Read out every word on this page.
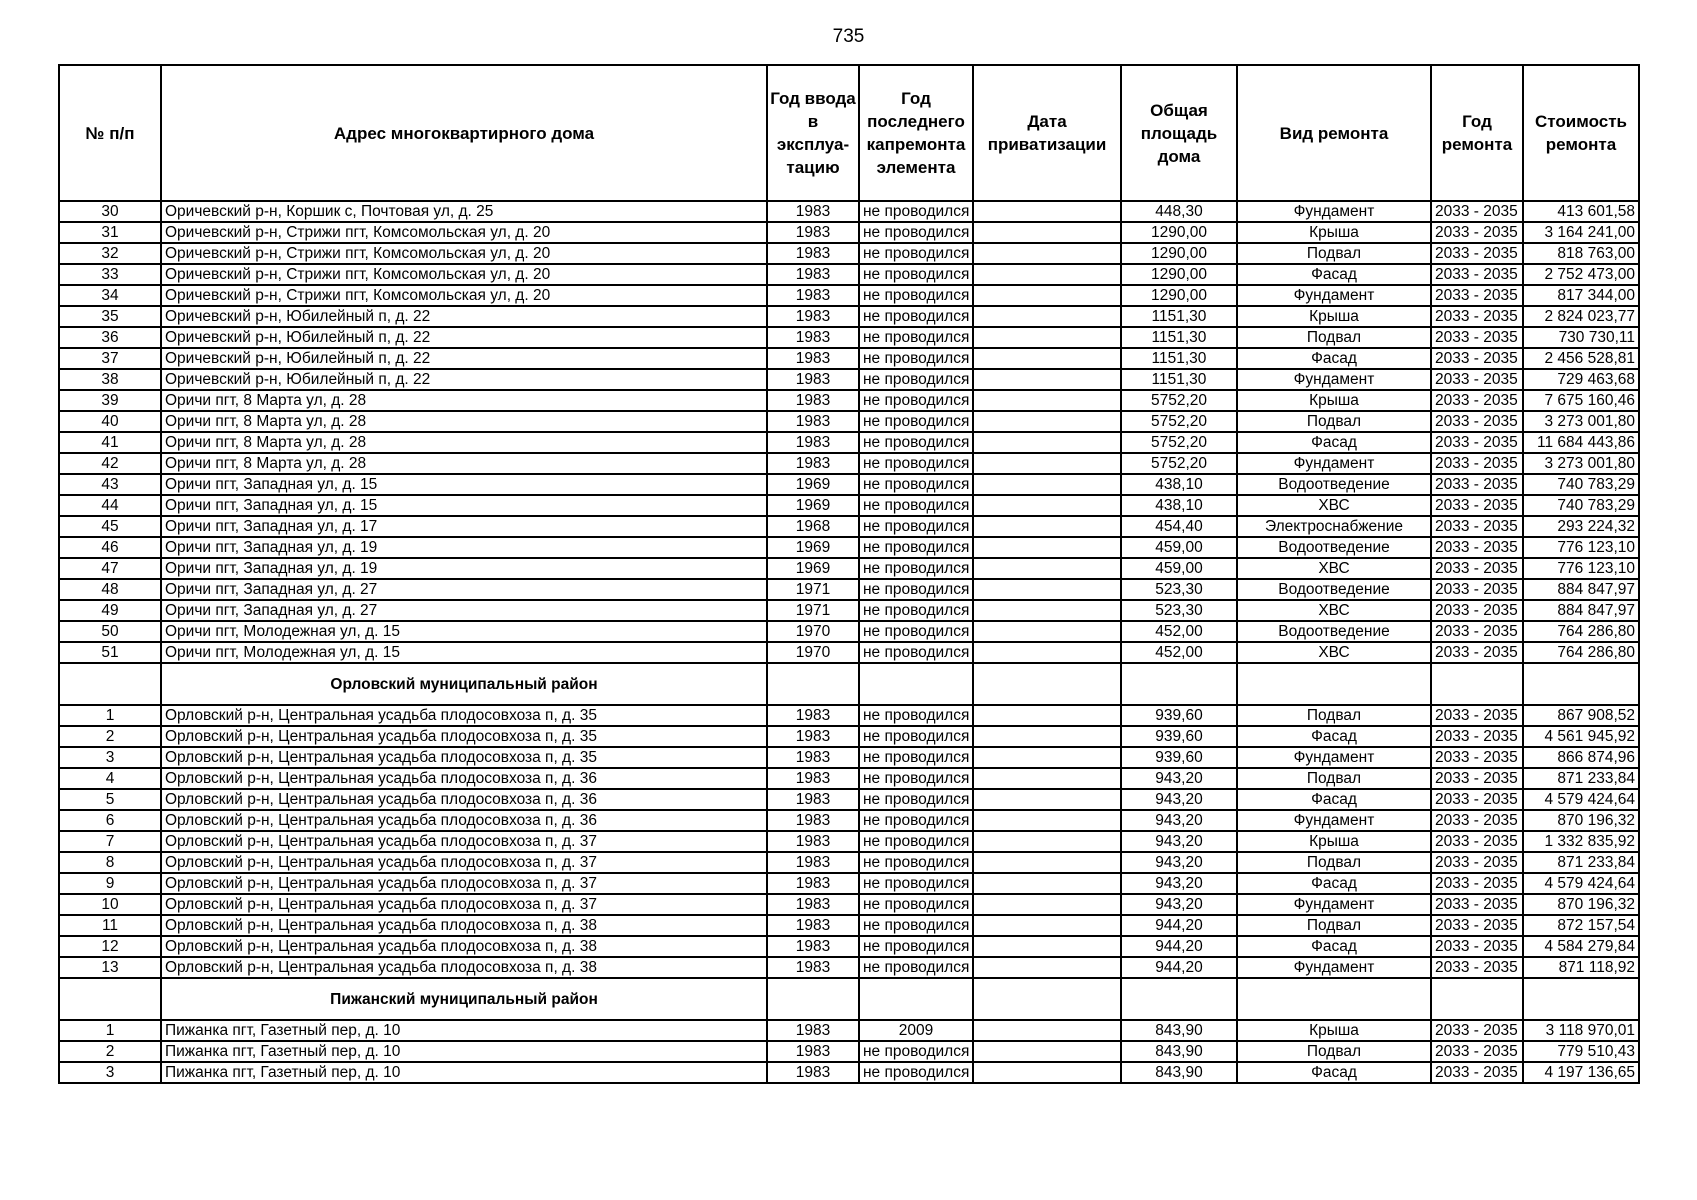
735
№ п/п	Адрес многоквартирного дома	Год ввода в эксплуа-тацию	Год последнего капремонта элемента	Дата приватизации	Общая площадь дома	Вид ремонта	Год ремонта	Стоимость ремонта
30	Оричевский р-н, Коршик с, Почтовая ул, д. 25	1983	не проводился		448,30	Фундамент	2033 - 2035	413 601,58
31	Оричевский р-н, Стрижи пгт, Комсомольская ул, д. 20	1983	не проводился		1290,00	Крыша	2033 - 2035	3 164 241,00
32	Оричевский р-н, Стрижи пгт, Комсомольская ул, д. 20	1983	не проводился		1290,00	Подвал	2033 - 2035	818 763,00
33	Оричевский р-н, Стрижи пгт, Комсомольская ул, д. 20	1983	не проводился		1290,00	Фасад	2033 - 2035	2 752 473,00
34	Оричевский р-н, Стрижи пгт, Комсомольская ул, д. 20	1983	не проводился		1290,00	Фундамент	2033 - 2035	817 344,00
35	Оричевский р-н, Юбилейный п, д. 22	1983	не проводился		1151,30	Крыша	2033 - 2035	2 824 023,77
36	Оричевский р-н, Юбилейный п, д. 22	1983	не проводился		1151,30	Подвал	2033 - 2035	730 730,11
37	Оричевский р-н, Юбилейный п, д. 22	1983	не проводился		1151,30	Фасад	2033 - 2035	2 456 528,81
38	Оричевский р-н, Юбилейный п, д. 22	1983	не проводился		1151,30	Фундамент	2033 - 2035	729 463,68
39	Оричи пгт, 8 Марта ул, д. 28	1983	не проводился		5752,20	Крыша	2033 - 2035	7 675 160,46
40	Оричи пгт, 8 Марта ул, д. 28	1983	не проводился		5752,20	Подвал	2033 - 2035	3 273 001,80
41	Оричи пгт, 8 Марта ул, д. 28	1983	не проводился		5752,20	Фасад	2033 - 2035	11 684 443,86
42	Оричи пгт, 8 Марта ул, д. 28	1983	не проводился		5752,20	Фундамент	2033 - 2035	3 273 001,80
43	Оричи пгт, Западная ул, д. 15	1969	не проводился		438,10	Водоотведение	2033 - 2035	740 783,29
44	Оричи пгт, Западная ул, д. 15	1969	не проводился		438,10	ХВС	2033 - 2035	740 783,29
45	Оричи пгт, Западная ул, д. 17	1968	не проводился		454,40	Электроснабжение	2033 - 2035	293 224,32
46	Оричи пгт, Западная ул, д. 19	1969	не проводился		459,00	Водоотведение	2033 - 2035	776 123,10
47	Оричи пгт, Западная ул, д. 19	1969	не проводился		459,00	ХВС	2033 - 2035	776 123,10
48	Оричи пгт, Западная ул, д. 27	1971	не проводился		523,30	Водоотведение	2033 - 2035	884 847,97
49	Оричи пгт, Западная ул, д. 27	1971	не проводился		523,30	ХВС	2033 - 2035	884 847,97
50	Оричи пгт, Молодежная ул, д. 15	1970	не проводился		452,00	Водоотведение	2033 - 2035	764 286,80
51	Оричи пгт, Молодежная ул, д. 15	1970	не проводился		452,00	ХВС	2033 - 2035	764 286,80
	Орловский муниципальный район							
1	Орловский р-н, Центральная усадьба плодосовхоза п, д. 35	1983	не проводился		939,60	Подвал	2033 - 2035	867 908,52
2	Орловский р-н, Центральная усадьба плодосовхоза п, д. 35	1983	не проводился		939,60	Фасад	2033 - 2035	4 561 945,92
3	Орловский р-н, Центральная усадьба плодосовхоза п, д. 35	1983	не проводился		939,60	Фундамент	2033 - 2035	866 874,96
4	Орловский р-н, Центральная усадьба плодосовхоза п, д. 36	1983	не проводился		943,20	Подвал	2033 - 2035	871 233,84
5	Орловский р-н, Центральная усадьба плодосовхоза п, д. 36	1983	не проводился		943,20	Фасад	2033 - 2035	4 579 424,64
6	Орловский р-н, Центральная усадьба плодосовхоза п, д. 36	1983	не проводился		943,20	Фундамент	2033 - 2035	870 196,32
7	Орловский р-н, Центральная усадьба плодосовхоза п, д. 37	1983	не проводился		943,20	Крыша	2033 - 2035	1 332 835,92
8	Орловский р-н, Центральная усадьба плодосовхоза п, д. 37	1983	не проводился		943,20	Подвал	2033 - 2035	871 233,84
9	Орловский р-н, Центральная усадьба плодосовхоза п, д. 37	1983	не проводился		943,20	Фасад	2033 - 2035	4 579 424,64
10	Орловский р-н, Центральная усадьба плодосовхоза п, д. 37	1983	не проводился		943,20	Фундамент	2033 - 2035	870 196,32
11	Орловский р-н, Центральная усадьба плодосовхоза п, д. 38	1983	не проводился		944,20	Подвал	2033 - 2035	872 157,54
12	Орловский р-н, Центральная усадьба плодосовхоза п, д. 38	1983	не проводился		944,20	Фасад	2033 - 2035	4 584 279,84
13	Орловский р-н, Центральная усадьба плодосовхоза п, д. 38	1983	не проводился		944,20	Фундамент	2033 - 2035	871 118,92
	Пижанский муниципальный район							
1	Пижанка пгт, Газетный пер, д. 10	1983	2009		843,90	Крыша	2033 - 2035	3 118 970,01
2	Пижанка пгт, Газетный пер, д. 10	1983	не проводился		843,90	Подвал	2033 - 2035	779 510,43
3	Пижанка пгт, Газетный пер, д. 10	1983	не проводился		843,90	Фасад	2033 - 2035	4 197 136,65
